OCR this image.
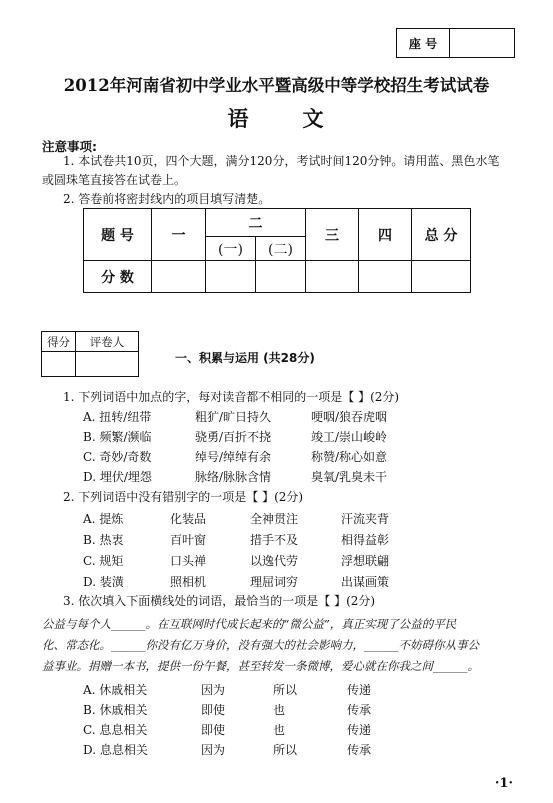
座 号	
2012年河南省初中学业水平暨高级中等学校招生考试试卷
语 文
注意事项:
1. 本试卷共10页，四个大题，满分120分，考试时间120分钟。请用蓝、黑色水笔
或圆珠笔直接答在试卷上。
2. 答卷前将密封线内的项目填写清楚。
题 号	一	二		三	四	总 分
		(一)	(二)			
分 数						
得分	评卷人

一、积累与运用 (共28分)
1. 下列词语中加点的字，每对读音都不相同的一项是【 】(2分)
A. 扭转/纽带	粗犷/旷日持久	哽咽/狼吞虎咽
B. 频繁/濒临	骁勇/百折不挠	竣工/崇山峻岭
C. 奇妙/奇数	绰号/绰绰有余	称赞/称心如意
D. 埋伏/埋怨	脉络/脉脉含情	臭氧/乳臭未干
2. 下列词语中没有错别字的一项是【 】(2分)
A. 提炼	化装品	全神贯注	汗流夹背
B. 热衷	百叶窗	措手不及	相得益彰
C. 规矩	口头禅	以逸代劳	浮想联翩
D. 装潢	照相机	理屈词穷	出谋画策
3. 依次填入下面横线处的词语，最恰当的一项是【 】(2分)
公益与每个人______。在互联网时代成长起来的“微公益”，真正实现了公益的平民
化、常态化。______你没有亿万身价，没有强大的社会影响力，______不妨碍你从事公
益事业。捐赠一本书，提供一份午餐，甚至转发一条微博，爱心就在你我之间______。
A. 休戚相关	因为	所以	传递
B. 休戚相关	即使	也	传承
C. 息息相关	即使	也	传递
D. 息息相关	因为	所以	传承
·1·
